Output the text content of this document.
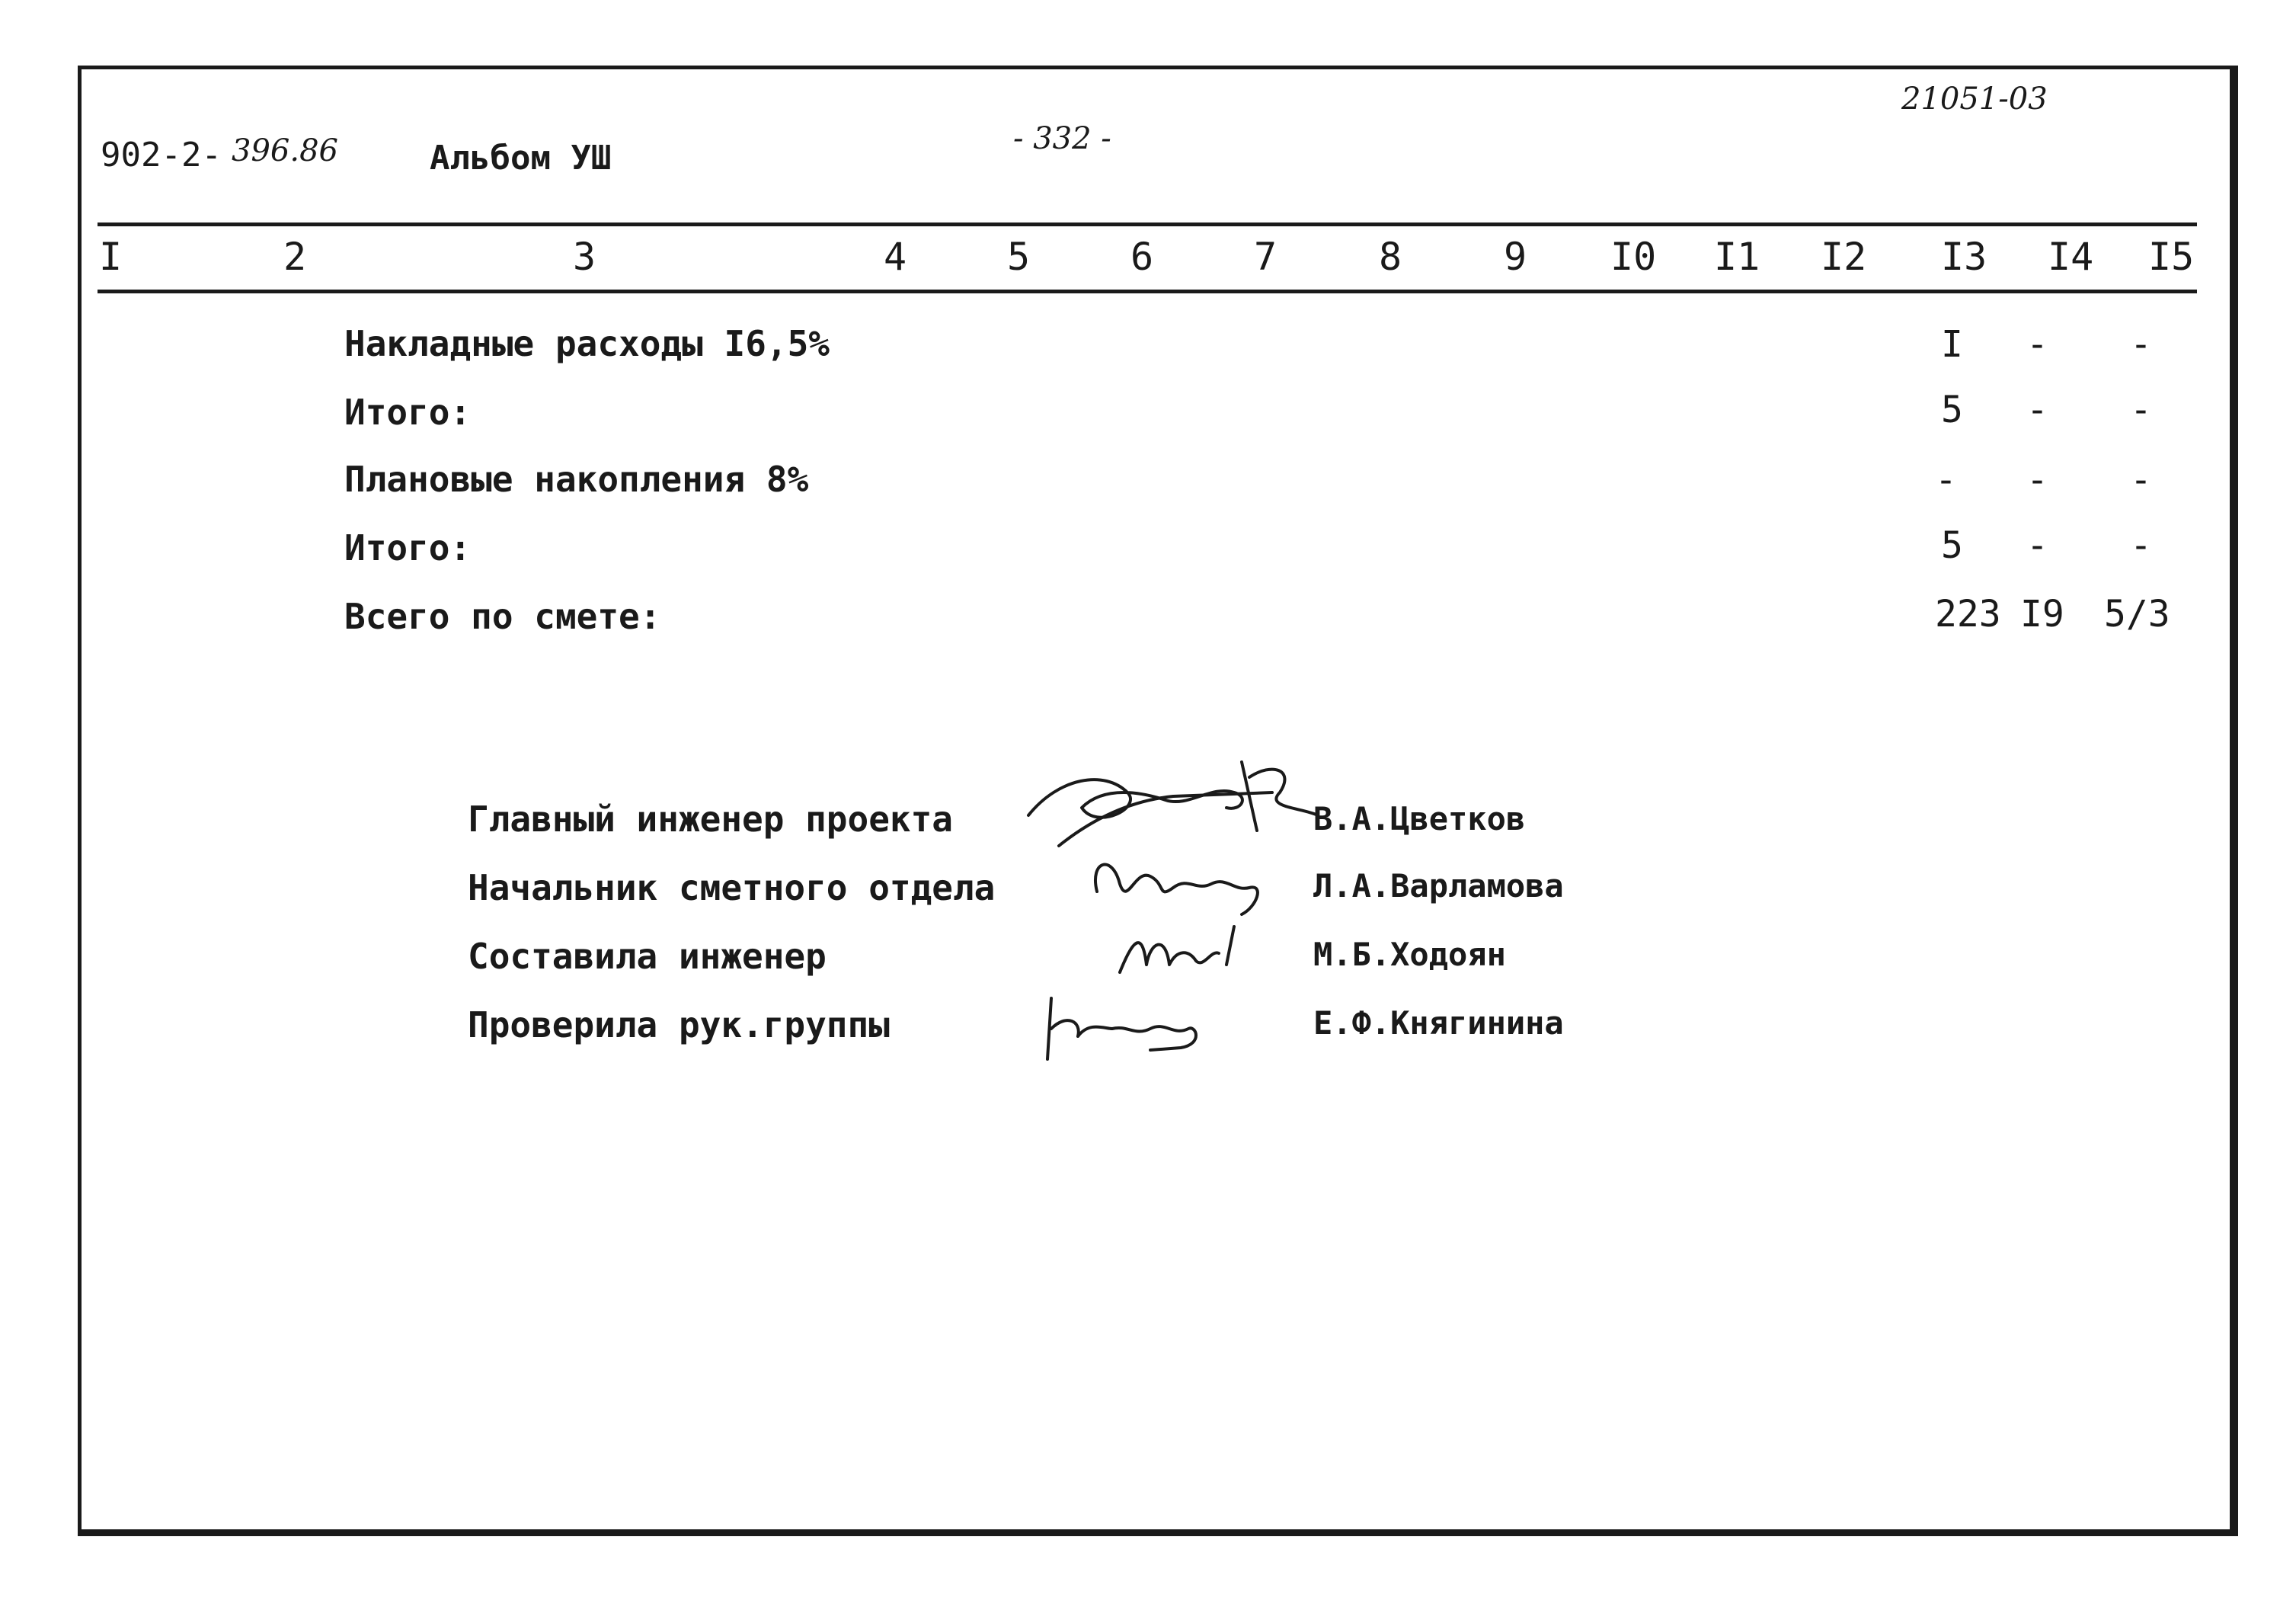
902-2- 396.86	Альбом УШ	- 332 -
21051-03
I	2	3	4	5	6	7	8	9 I0 I1 I2 I3 I4 I5
Накладные расходы I6,5%	I - -
Итого:	5 - -
Плановые накопления 8%	- - -
Итого:	5 - -
Всего по смете:	223 I9 5/3
Главный инженер проекта	В.А.Цветков
Начальник сметного отдела	Л.А.Варламова
Составила инженер	М.Б.Ходоян
Проверила рук.группы	Е.Ф.Княгинина
